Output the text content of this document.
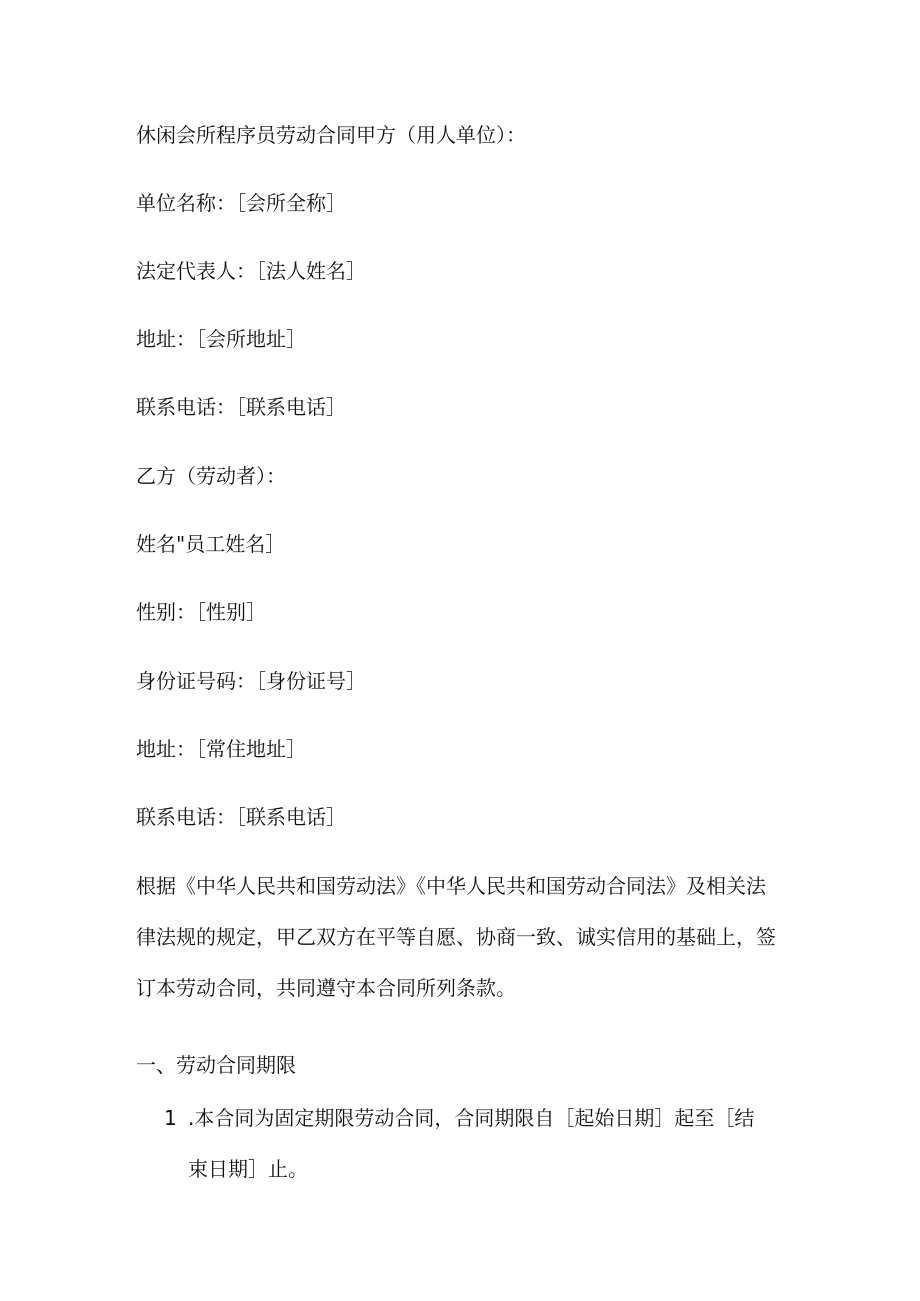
休闲会所程序员劳动合同甲方（用人单位）：
单位名称：［会所全称］
法定代表人：［法人姓名］
地址：［会所地址］
联系电话：［联系电话］
乙方（劳动者）：
姓名"员工姓名］
性别：［性别］
身份证号码：［身份证号］
地址：［常住地址］
联系电话：［联系电话］

根据《中华人民共和国劳动法》《中华人民共和国劳动合同法》及相关法

律法规的规定，甲乙双方在平等自愿、协商一致、诚实信用的基础上，签

订本劳动合同，共同遵守本合同所列条款。

一、劳动合同期限
1 .本合同为固定期限劳动合同，合同期限自［起始日期］起至［结
束日期］止。
